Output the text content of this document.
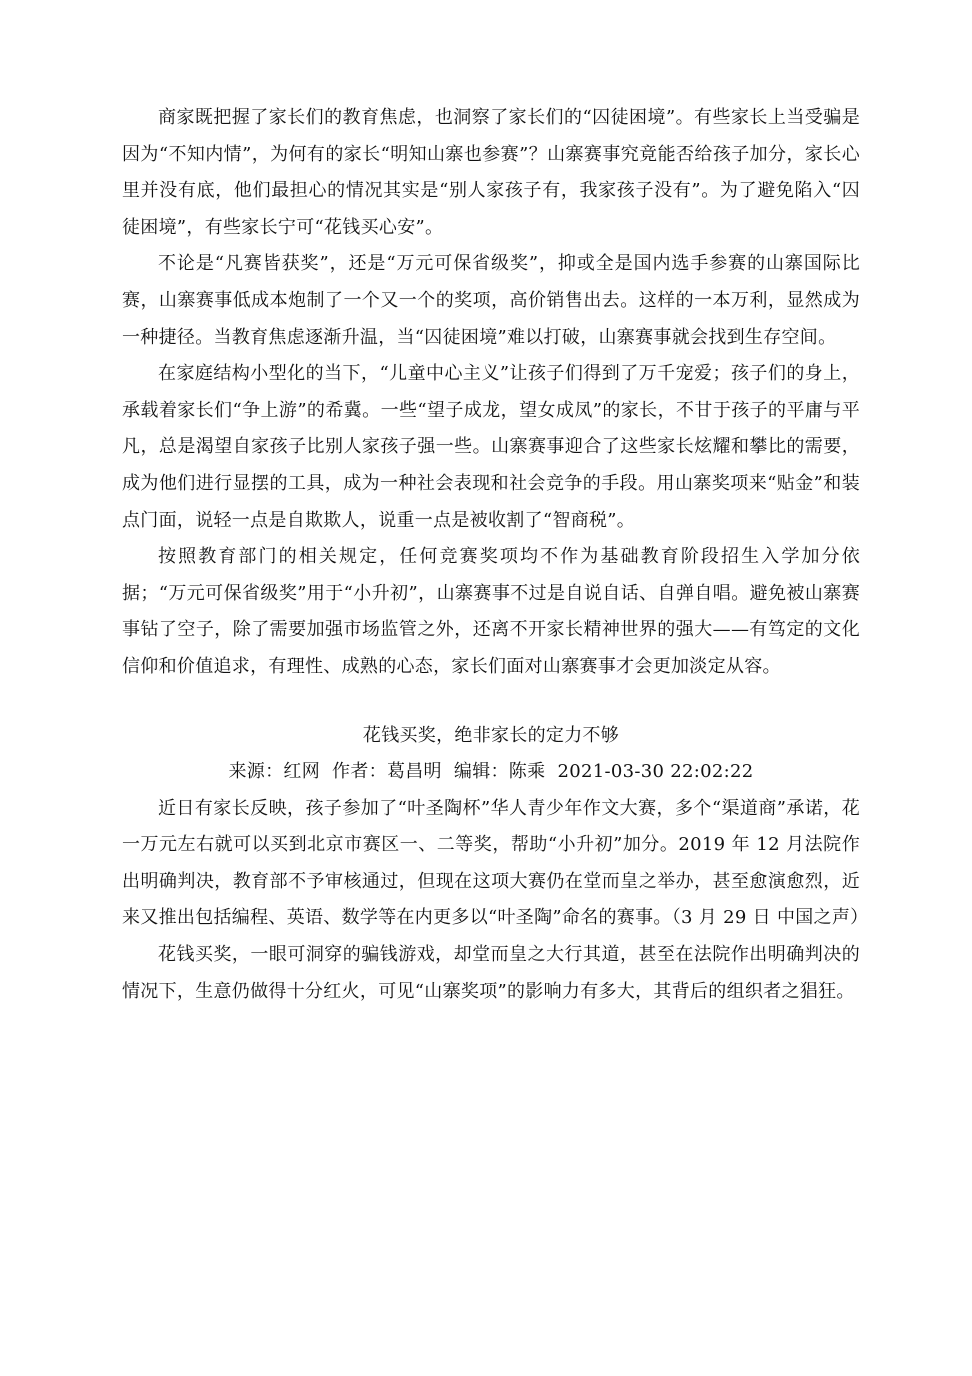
商家既把握了家长们的教育焦虑，也洞察了家长们的“囚徒困境”。有些家长上当受骗是因为“不知内情”，为何有的家长“明知山寨也参赛”？山寨赛事究竟能否给孩子加分，家长心里并没有底，他们最担心的情况其实是“别人家孩子有，我家孩子没有”。为了避免陷入“囚徒困境”，有些家长宁可“花钱买心安”。

不论是“凡赛皆获奖”，还是“万元可保省级奖”，抑或全是国内选手参赛的山寨国际比赛，山寨赛事低成本炮制了一个又一个的奖项，高价销售出去。这样的一本万利，显然成为一种捷径。当教育焦虑逐渐升温，当“囚徒困境”难以打破，山寨赛事就会找到生存空间。

在家庭结构小型化的当下，“儿童中心主义”让孩子们得到了万千宠爱；孩子们的身上，承载着家长们“争上游”的希冀。一些“望子成龙，望女成凤”的家长，不甘于孩子的平庸与平凡，总是渴望自家孩子比别人家孩子强一些。山寨赛事迎合了这些家长炫耀和攀比的需要，成为他们进行显摆的工具，成为一种社会表现和社会竞争的手段。用山寨奖项来“贴金”和装点门面，说轻一点是自欺欺人，说重一点是被收割了“智商税”。

按照教育部门的相关规定，任何竞赛奖项均不作为基础教育阶段招生入学加分依据；“万元可保省级奖”用于“小升初”，山寨赛事不过是自说自话、自弹自唱。避免被山寨赛事钻了空子，除了需要加强市场监管之外，还离不开家长精神世界的强大——有笃定的文化信仰和价值追求，有理性、成熟的心态，家长们面对山寨赛事才会更加淡定从容。

花钱买奖，绝非家长的定力不够
来源：红网 作者：葛昌明 编辑：陈乘 2021-03-30 22:02:22

近日有家长反映，孩子参加了“叶圣陶杯”华人青少年作文大赛，多个“渠道商”承诺，花一万元左右就可以买到北京市赛区一、二等奖，帮助“小升初”加分。2019 年 12 月法院作出明确判决，教育部不予审核通过，但现在这项大赛仍在堂而皇之举办，甚至愈演愈烈，近来又推出包括编程、英语、数学等在内更多以“叶圣陶”命名的赛事。（3 月 29 日 中国之声）

花钱买奖，一眼可洞穿的骗钱游戏，却堂而皇之大行其道，甚至在法院作出明确判决的情况下，生意仍做得十分红火，可见“山寨奖项”的影响力有多大，其背后的组织者之猖狂。
